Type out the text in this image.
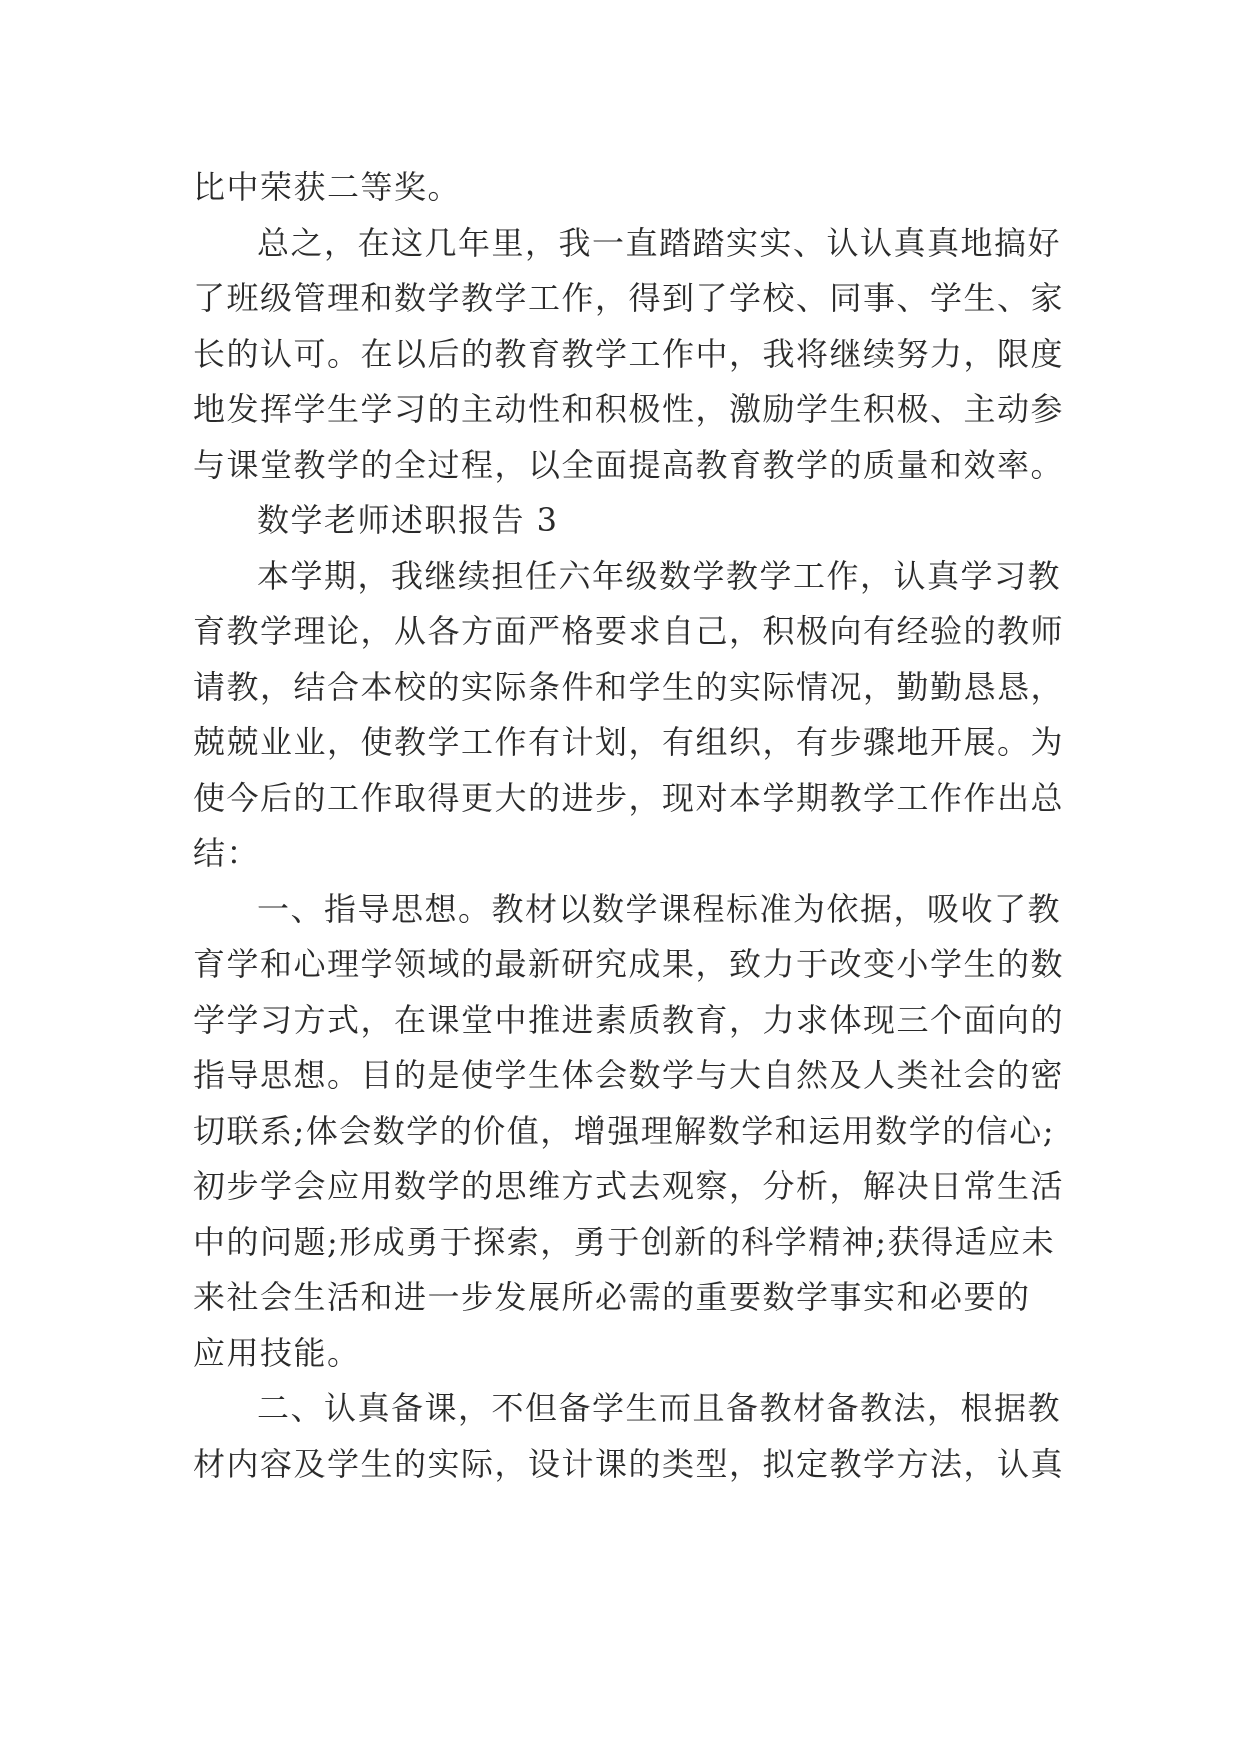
比中荣获二等奖。
总之，在这几年里，我一直踏踏实实、认认真真地搞好
了班级管理和数学教学工作，得到了学校、同事、学生、家
长的认可。在以后的教育教学工作中，我将继续努力，限度
地发挥学生学习的主动性和积极性，激励学生积极、主动参
与课堂教学的全过程，以全面提高教育教学的质量和效率。
数学老师述职报告 3
本学期，我继续担任六年级数学教学工作，认真学习教
育教学理论，从各方面严格要求自己，积极向有经验的教师
请教，结合本校的实际条件和学生的实际情况，勤勤恳恳，
兢兢业业，使教学工作有计划，有组织，有步骤地开展。为
使今后的工作取得更大的进步，现对本学期教学工作作出总
结：
一、指导思想。教材以数学课程标准为依据，吸收了教
育学和心理学领域的最新研究成果，致力于改变小学生的数
学学习方式，在课堂中推进素质教育，力求体现三个面向的
指导思想。目的是使学生体会数学与大自然及人类社会的密
切联系;体会数学的价值，增强理解数学和运用数学的信心;
初步学会应用数学的思维方式去观察，分析，解决日常生活
中的问题;形成勇于探索，勇于创新的科学精神;获得适应未
来社会生活和进一步发展所必需的重要数学事实和必要的
应用技能。
二、认真备课，不但备学生而且备教材备教法，根据教
材内容及学生的实际，设计课的类型，拟定教学方法，认真
